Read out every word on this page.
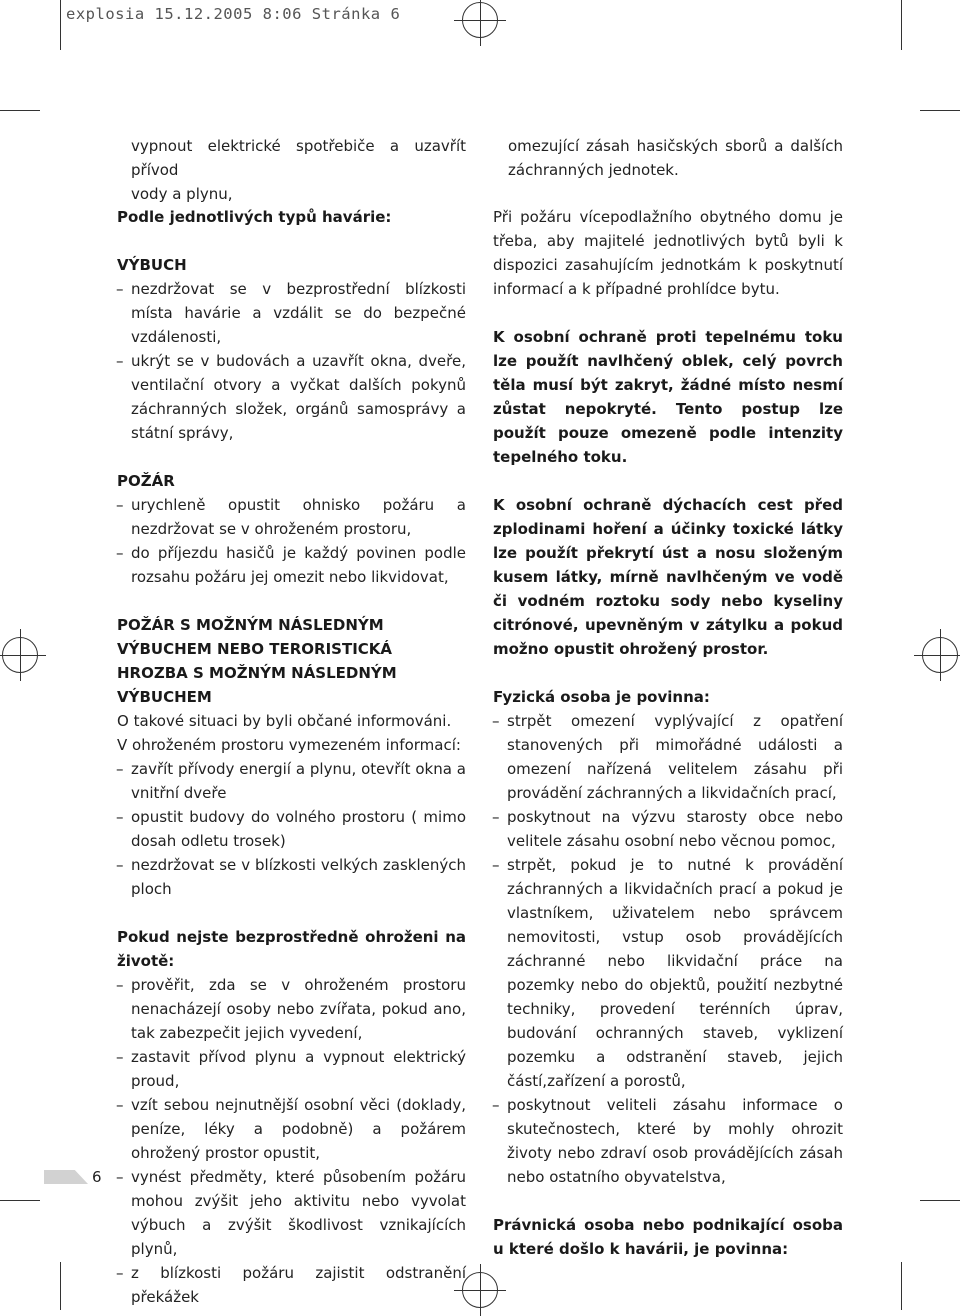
explosia 15.12.2005 8:06 Stránka 6

vypnout elektrické spotřebiče a uzavřít přívod

vody a plynu,

Podle jednotlivých typů havárie:

VÝBUCH

– nezdržovat se v bezprostřední blízkosti místa havárie a vzdálit se do bezpečné vzdálenosti,

– ukrýt se v budovách a uzavřít okna, dveře, ventilační otvory a vyčkat dalších pokynů záchranných složek, orgánů samosprávy a státní správy,

POŽÁR

– urychleně opustit ohnisko požáru a nezdržovat se v ohroženém prostoru,

– do příjezdu hasičů je každý povinen podle rozsahu požáru jej omezit nebo likvidovat,

POŽÁR S MOŽNÝM NÁSLEDNÝM VÝBUCHEM NEBO TERORISTICKÁ HROZBA S MOŽNÝM NÁSLEDNÝM VÝBUCHEM

O takové situaci by byli občané informováni.

V ohroženém prostoru vymezeném informací:

– zavřít přívody energií a plynu, otevřít okna a vnitřní dveře

– opustit budovy do volného prostoru ( mimo dosah odletu trosek)

– nezdržovat se v blízkosti velkých zasklených ploch

Pokud nejste bezprostředně ohroženi na životě:

– prověřit, zda se v ohroženém prostoru nenacházejí osoby nebo zvířata, pokud ano, tak zabezpečit jejich vyvedení,

– zastavit přívod plynu a vypnout elektrický proud,

– vzít sebou nejnutnější osobní věci (doklady, peníze, léky a podobně) a požárem ohrožený prostor opustit,

– vynést předměty, které působením požáru mohou zvýšit jeho aktivitu nebo vyvolat výbuch a zvýšit škodlivost vznikajících plynů,

– z blízkosti požáru zajistit odstranění překážek

omezující zásah hasičských sborů a dalších záchranných jednotek.

Při požáru vícepodlažního obytného domu je třeba, aby majitelé jednotlivých bytů byli k dispozici zasahujícím jednotkám k poskytnutí informací a k případné prohlídce bytu.

K osobní ochraně proti tepelnému toku lze použít navlhčený oblek, celý povrch těla musí být zakryt, žádné místo nesmí zůstat nepokryté. Tento postup lze použít pouze omezeně podle intenzity tepelného toku.

K osobní ochraně dýchacích cest před zplodinami hoření a účinky toxické látky lze použít překrytí úst a nosu složeným kusem látky, mírně navlhčeným ve vodě či vodném roztoku sody nebo kyseliny citrónové, upevněným v zátylku a pokud možno opustit ohrožený prostor.

Fyzická osoba je povinna:

– strpět omezení vyplývající z opatření stanovených při mimořádné události a omezení nařízená velitelem zásahu při provádění záchranných a likvidačních prací,

– poskytnout na výzvu starosty obce nebo velitele zásahu osobní nebo věcnou pomoc,

– strpět, pokud je to nutné k provádění záchranných a likvidačních prací a pokud je vlastníkem, uživatelem nebo správcem nemovitosti, vstup osob provádějících záchranné nebo likvidační práce na pozemky nebo do objektů, použití nezbytné techniky, provedení terénních úprav, budování ochranných staveb, vyklizení pozemku a odstranění staveb, jejich částí,zařízení a porostů,

– poskytnout veliteli zásahu informace o skutečnostech, které by mohly ohrozit životy nebo zdraví osob provádějících zásah nebo ostatního obyvatelstva,

Právnická osoba nebo podnikající osoba u které došlo k havárii, je povinna:

6
